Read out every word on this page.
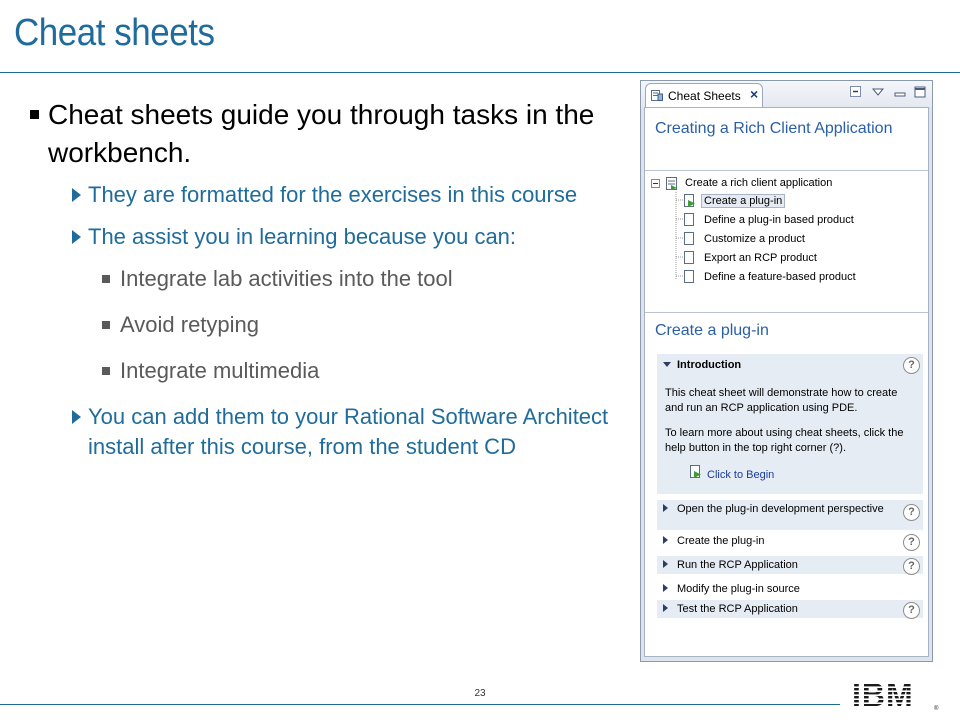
Cheat sheets
Cheat sheets guide you through tasks in the workbench.
They are formatted for the exercises in this course
The assist you in learning because you can:
Integrate lab activities into the tool
Avoid retyping
Integrate multimedia
You can add them to your Rational Software Architect install after this course, from the student CD
Cheat Sheets ×
Creating a Rich Client Application
Create a rich client application
Create a plug-in
Define a plug-in based product
Customize a product
Export an RCP product
Define a feature-based product
Create a plug-in
Introduction	?
This cheat sheet will demonstrate how to create and run an RCP application using PDE.
To learn more about using cheat sheets, click the help button in the top right corner (?).
Click to Begin
Open the plug-in development perspective	?
Create the plug-in	?
Run the RCP Application	?
Modify the plug-in source
Test the RCP Application	?
23	IBM	®
